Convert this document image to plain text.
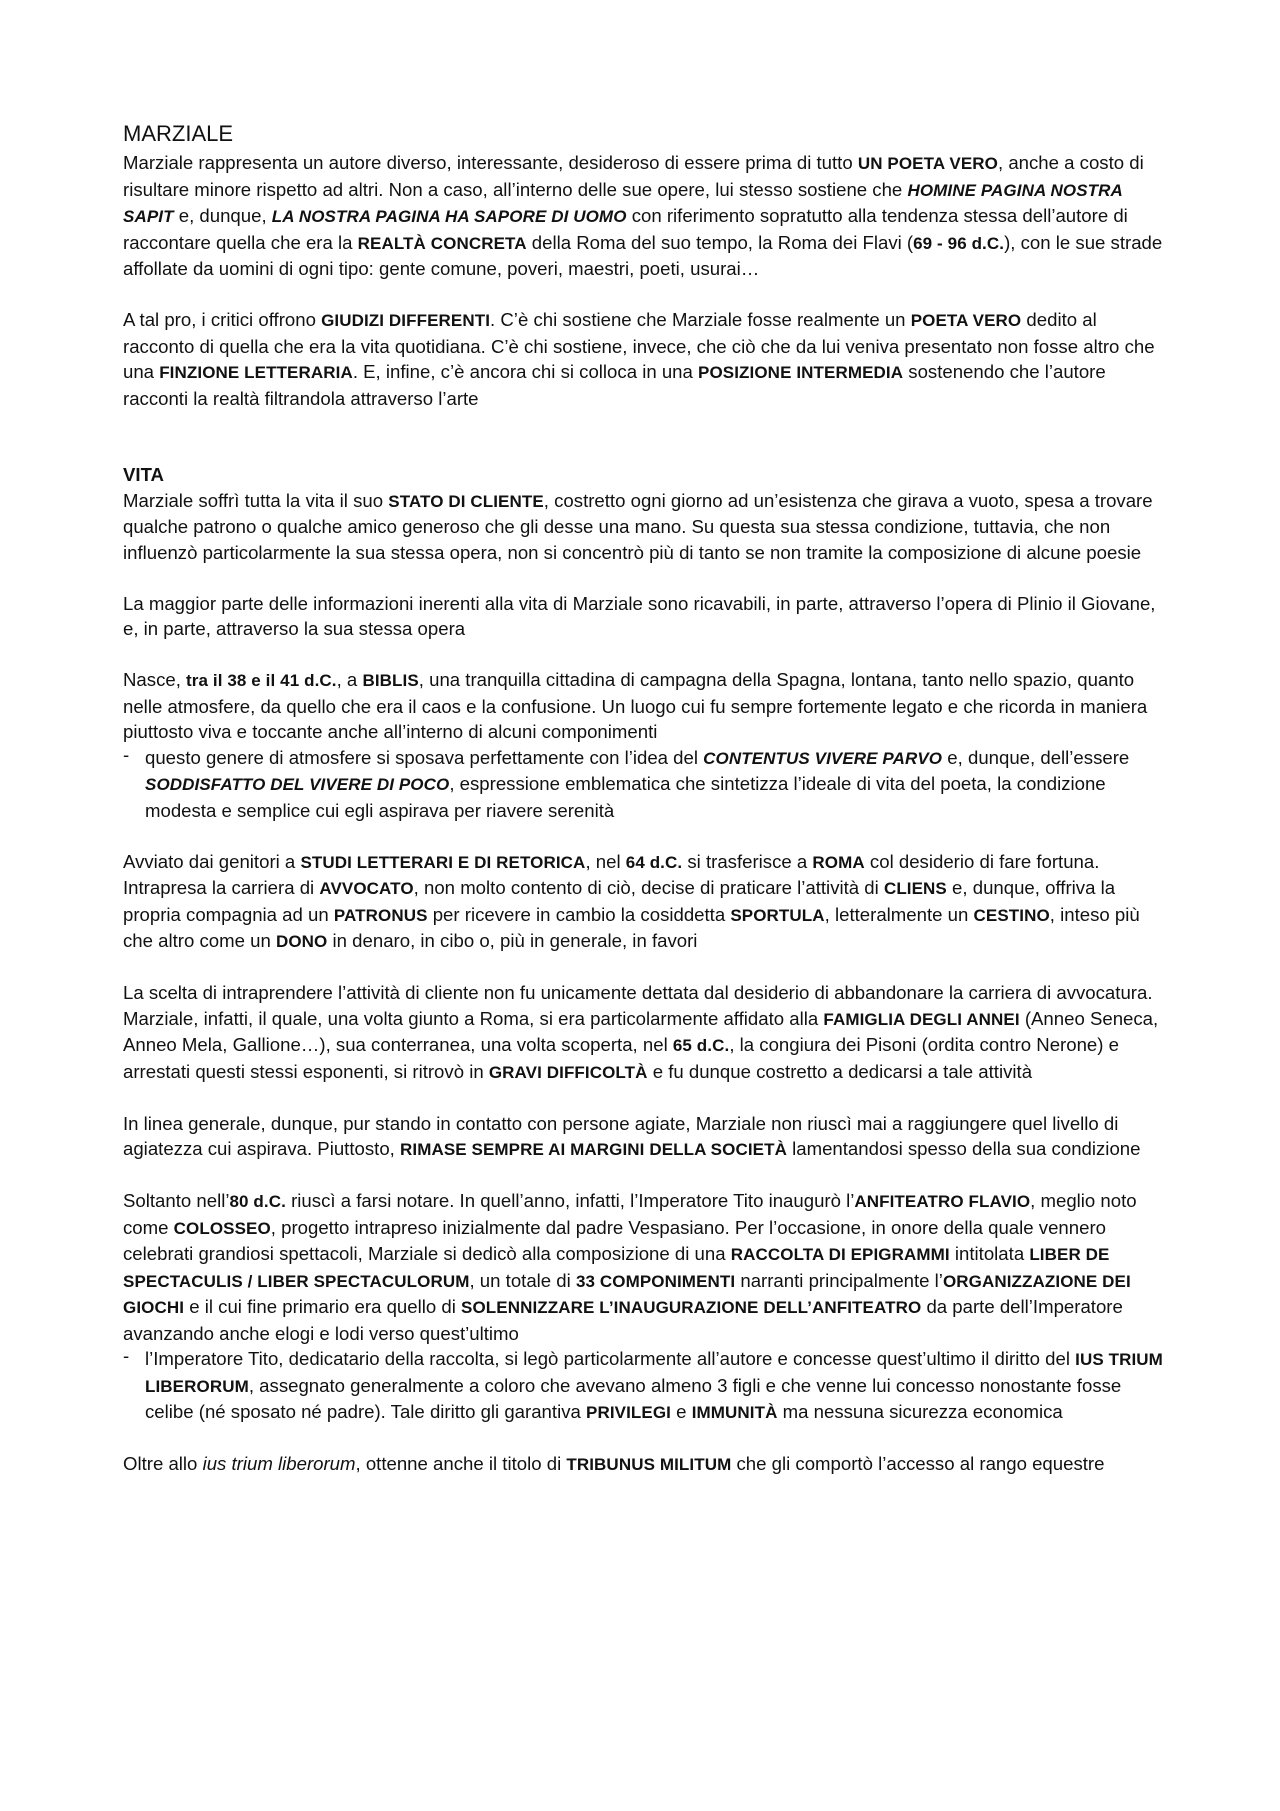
MARZIALE

Marziale rappresenta un autore diverso, interessante, desideroso di essere prima di tutto UN POETA VERO, anche a costo di risultare minore rispetto ad altri. Non a caso, all’interno delle sue opere, lui stesso sostiene che HOMINE PAGINA NOSTRA SAPIT e, dunque, LA NOSTRA PAGINA HA SAPORE DI UOMO con riferimento sopratutto alla tendenza stessa dell’autore di raccontare quella che era la REALTÀ CONCRETA della Roma del suo tempo, la Roma dei Flavi (69 - 96 d.C.), con le sue strade affollate da uomini di ogni tipo: gente comune, poveri, maestri, poeti, usurai…

A tal pro, i critici offrono GIUDIZI DIFFERENTI. C’è chi sostiene che Marziale fosse realmente un POETA VERO dedito al racconto di quella che era la vita quotidiana. C’è chi sostiene, invece, che ciò che da lui veniva presentato non fosse altro che una FINZIONE LETTERARIA. E, infine, c’è ancora chi si colloca in una POSIZIONE INTERMEDIA sostenendo che l’autore racconti la realtà filtrandola attraverso l’arte

VITA

Marziale soffrì tutta la vita il suo STATO DI CLIENTE, costretto ogni giorno ad un’esistenza che girava a vuoto, spesa a trovare qualche patrono o qualche amico generoso che gli desse una mano. Su questa sua stessa condizione, tuttavia, che non influenzò particolarmente la sua stessa opera, non si concentrò più di tanto se non tramite la composizione di alcune poesie

La maggior parte delle informazioni inerenti alla vita di Marziale sono ricavabili, in parte, attraverso l’opera di Plinio il Giovane, e, in parte, attraverso la sua stessa opera

Nasce, tra il 38 e il 41 d.C., a BIBLIS, una tranquilla cittadina di campagna della Spagna, lontana, tanto nello spazio, quanto nelle atmosfere, da quello che era il caos e la confusione. Un luogo cui fu sempre fortemente legato e che ricorda in maniera piuttosto viva e toccante anche all’interno di alcuni componimenti

- questo genere di atmosfere si sposava perfettamente con l’idea del CONTENTUS VIVERE PARVO e, dunque, dell’essere SODDISFATTO DEL VIVERE DI POCO, espressione emblematica che sintetizza l’ideale di vita del poeta, la condizione modesta e semplice cui egli aspirava per riavere serenità

Avviato dai genitori a STUDI LETTERARI E DI RETORICA, nel 64 d.C. si trasferisce a ROMA col desiderio di fare fortuna. Intrapresa la carriera di AVVOCATO, non molto contento di ciò, decise di praticare l’attività di CLIENS e, dunque, offriva la propria compagnia ad un PATRONUS per ricevere in cambio la cosiddetta SPORTULA, letteralmente un CESTINO, inteso più che altro come un DONO in denaro, in cibo o, più in generale, in favori

La scelta di intraprendere l’attività di cliente non fu unicamente dettata dal desiderio di abbandonare la carriera di avvocatura. Marziale, infatti, il quale, una volta giunto a Roma, si era particolarmente affidato alla FAMIGLIA DEGLI ANNEI (Anneo Seneca, Anneo Mela, Gallione…), sua conterranea, una volta scoperta, nel 65 d.C., la congiura dei Pisoni (ordita contro Nerone) e arrestati questi stessi esponenti, si ritrovò in GRAVI DIFFICOLTÀ e fu dunque costretto a dedicarsi a tale attività

In linea generale, dunque, pur stando in contatto con persone agiate, Marziale non riuscì mai a raggiungere quel livello di agiatezza cui aspirava. Piuttosto, RIMASE SEMPRE AI MARGINI DELLA SOCIETÀ lamentandosi spesso della sua condizione

Soltanto nell’80 d.C. riuscì a farsi notare. In quell’anno, infatti, l’Imperatore Tito inaugurò l’ANFITEATRO FLAVIO, meglio noto come COLOSSEO, progetto intrapreso inizialmente dal padre Vespasiano. Per l’occasione, in onore della quale vennero celebrati grandiosi spettacoli, Marziale si dedicò alla composizione di una RACCOLTA DI EPIGRAMMI intitolata LIBER DE SPECTACULIS / LIBER SPECTACULORUM, un totale di 33 COMPONIMENTI narranti principalmente l’ORGANIZZAZIONE DEI GIOCHI e il cui fine primario era quello di SOLENNIZZARE L’INAUGURAZIONE DELL’ANFITEATRO da parte dell’Imperatore avanzando anche elogi e lodi verso quest’ultimo

- l’Imperatore Tito, dedicatario della raccolta, si legò particolarmente all’autore e concesse quest’ultimo il diritto del IUS TRIUM LIBERORUM, assegnato generalmente a coloro che avevano almeno 3 figli e che venne lui concesso nonostante fosse celibe (né sposato né padre). Tale diritto gli garantiva PRIVILEGI e IMMUNITÀ ma nessuna sicurezza economica

Oltre allo ius trium liberorum, ottenne anche il titolo di TRIBUNUS MILITUM che gli comportò l’accesso al rango equestre
